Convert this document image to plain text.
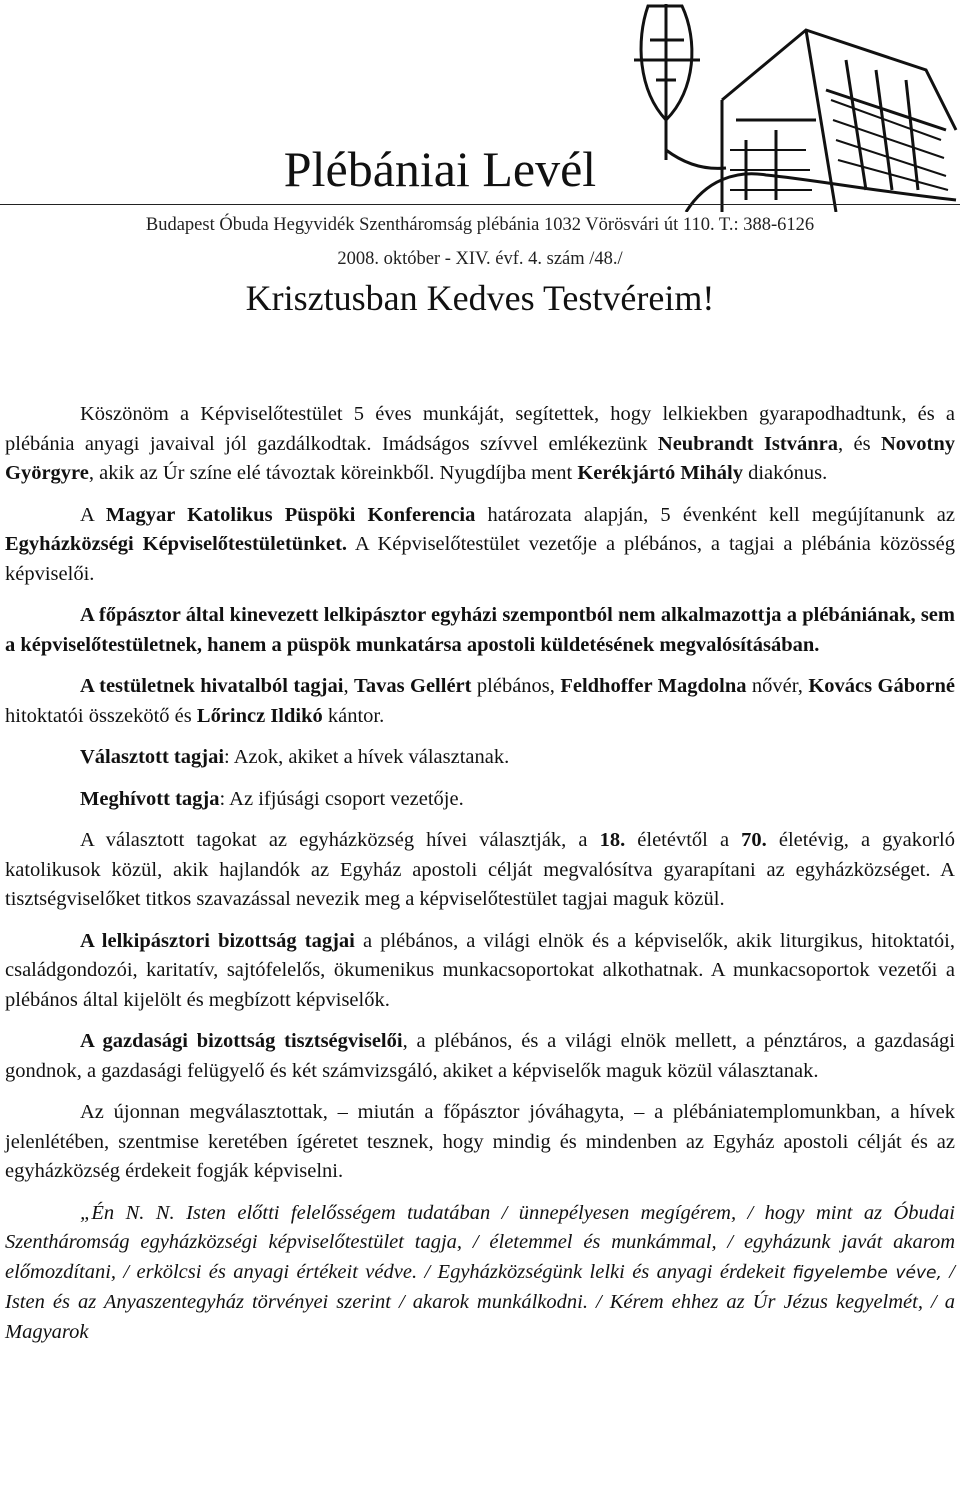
Plébániai Levél
Budapest Óbuda Hegyvidék Szentháromság plébánia 1032 Vörösvári út 110. T.: 388-6126
2008. október - XIV. évf. 4. szám /48./
Krisztusban Kedves Testvéreim!

Köszönöm a Képviselőtestület 5 éves munkáját, segítettek, hogy lelkiekben gyarapodhadtunk, és a plébánia anyagi javaival jól gazdálkodtak. Imádságos szívvel emlékezünk Neubrandt Istvánra, és Novotny Györgyre, akik az Úr színe elé távoztak köreinkből. Nyugdíjba ment Kerékjártó Mihály diakónus.

A Magyar Katolikus Püspöki Konferencia határozata alapján, 5 évenként kell megújítanunk az Egyházközségi Képviselőtestületünket. A Képviselőtestület vezetője a plébános, a tagjai a plébánia közösség képviselői.

A főpásztor által kinevezett lelkipásztor egyházi szempontból nem alkalmazottja a plébániának, sem a képviselőtestületnek, hanem a püspök munkatársa apostoli küldetésének megvalósításában.

A testületnek hivatalból tagjai, Tavas Gellért plébános, Feldhoffer Magdolna nővér, Kovács Gáborné hitoktatói összekötő és Lőrincz Ildikó kántor.

Választott tagjai: Azok, akiket a hívek választanak.

Meghívott tagja: Az ifjúsági csoport vezetője.

A választott tagokat az egyházközség hívei választják, a 18. életévtől a 70. életévig, a gyakorló katolikusok közül, akik hajlandók az Egyház apostoli célját megvalósítva gyarapítani az egyházközséget. A tisztségviselőket titkos szavazással nevezik meg a képviselőtestület tagjai maguk közül.

A lelkipásztori bizottság tagjai a plébános, a világi elnök és a képviselők, akik liturgikus, hitoktatói, családgondozói, karitatív, sajtófelelős, ökumenikus munkacsoportokat alkothatnak. A munkacsoportok vezetői a plébános által kijelölt és megbízott képviselők.

A gazdasági bizottság tisztségviselői, a plébános, és a világi elnök mellett, a pénztáros, a gazdasági gondnok, a gazdasági felügyelő és két számvizsgáló, akiket a képviselők maguk közül választanak.

Az újonnan megválasztottak, – miután a főpásztor jóváhagyta, – a plébániatemplomunkban, a hívek jelenlétében, szentmise keretében ígéretet tesznek, hogy mindig és mindenben az Egyház apostoli célját és az egyházközség érdekeit fogják képviselni.

„Én N. N. Isten előtti felelősségem tudatában / ünnepélyesen megígérem, / hogy mint az Óbudai Szentháromság egyházközségi képviselőtestület tagja, / életemmel és munkámmal, / egyházunk javát akarom előmozdítani, / erkölcsi és anyagi értékeit védve. / Egyházközségünk lelki és anyagi érdekeit figyelembe véve, / Isten és az Anyaszentegyház törvényei szerint / akarok munkálkodni. / Kérem ehhez az Úr Jézus kegyelmét, / a Magyarok
